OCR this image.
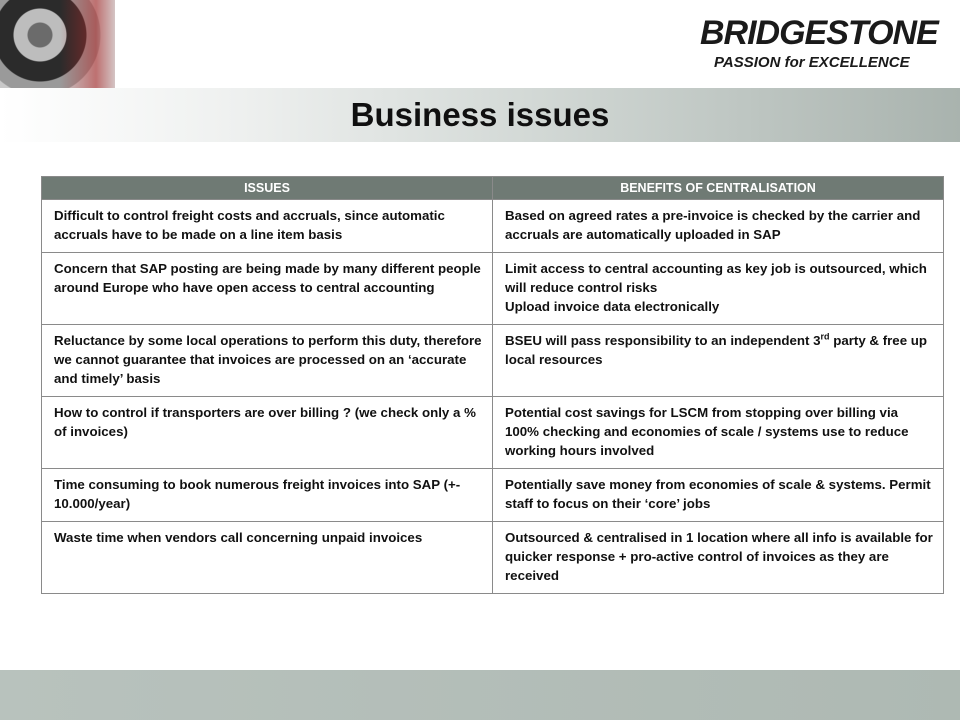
BRIDGESTONE
PASSION for EXCELLENCE
Business issues
ISSUES	BENEFITS OF CENTRALISATION

Difficult to control freight costs and accruals, since automatic accruals have to be made on a line item basis	Based on agreed rates a pre-invoice is checked by the carrier and accruals are automatically uploaded in SAP

Concern that SAP posting are being made by many different people around Europe who have open access to central accounting	Limit access to central accounting as key job is outsourced, which will reduce control risks
Upload invoice data electronically

Reluctance by some local operations to perform this duty, therefore we cannot guarantee that invoices are processed on an ‘accurate and timely’ basis	BSEU will pass responsibility to an independent 3rd party & free up local resources

How to control if transporters are over billing ? (we check only a % of invoices)	Potential cost savings for LSCM from stopping over billing via 100% checking and economies of scale / systems use to reduce working hours involved

Time consuming to book numerous freight invoices into SAP (+- 10.000/year)	Potentially save money from economies of scale & systems. Permit staff to focus on their ‘core’ jobs

Waste time when vendors call concerning unpaid invoices	Outsourced & centralised in 1 location where all info is available for quicker response + pro-active control of invoices as they are received
